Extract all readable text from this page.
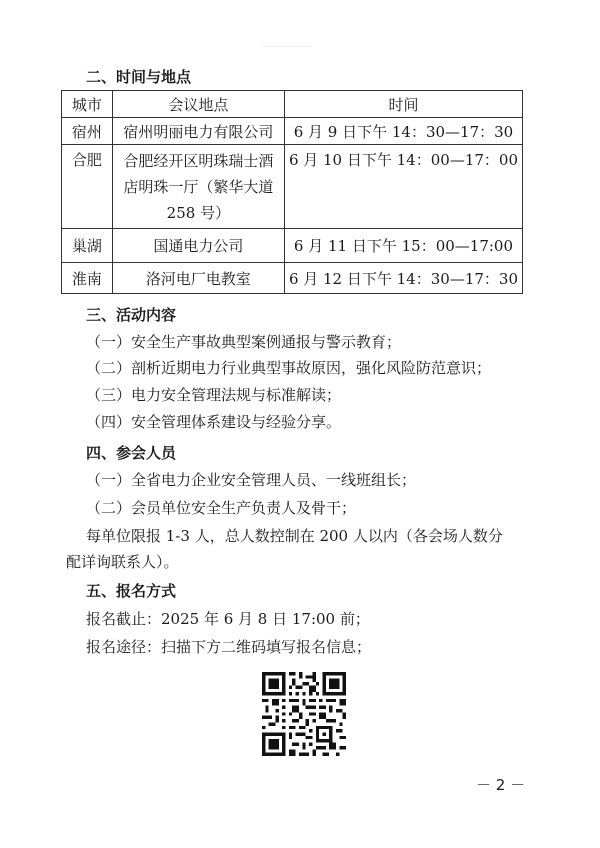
二、时间与地点
城市	会议地点	时间
宿州	宿州明丽电力有限公司	6 月 9 日下午 14：30—17：30
合肥	合肥经开区明珠瑞士酒店明珠一厅（繁华大道 258 号）	6 月 10 日下午 14：00—17：00
巢湖	国通电力公司	6 月 11 日下午 15：00—17:00
淮南	洛河电厂电教室	6 月 12 日下午 14：30—17：30
三、活动内容
（一）安全生产事故典型案例通报与警示教育；
（二）剖析近期电力行业典型事故原因，强化风险防范意识；
（三）电力安全管理法规与标准解读；
（四）安全管理体系建设与经验分享。
四、参会人员
（一）全省电力企业安全管理人员、一线班组长；
（二）会员单位安全生产负责人及骨干；
每单位限报 1-3 人，总人数控制在 200 人以内（各会场人数分
配详询联系人）。
五、报名方式
报名截止：2025 年 6 月 8 日 17:00 前；
报名途径：扫描下方二维码填写报名信息；
－ 2 －
